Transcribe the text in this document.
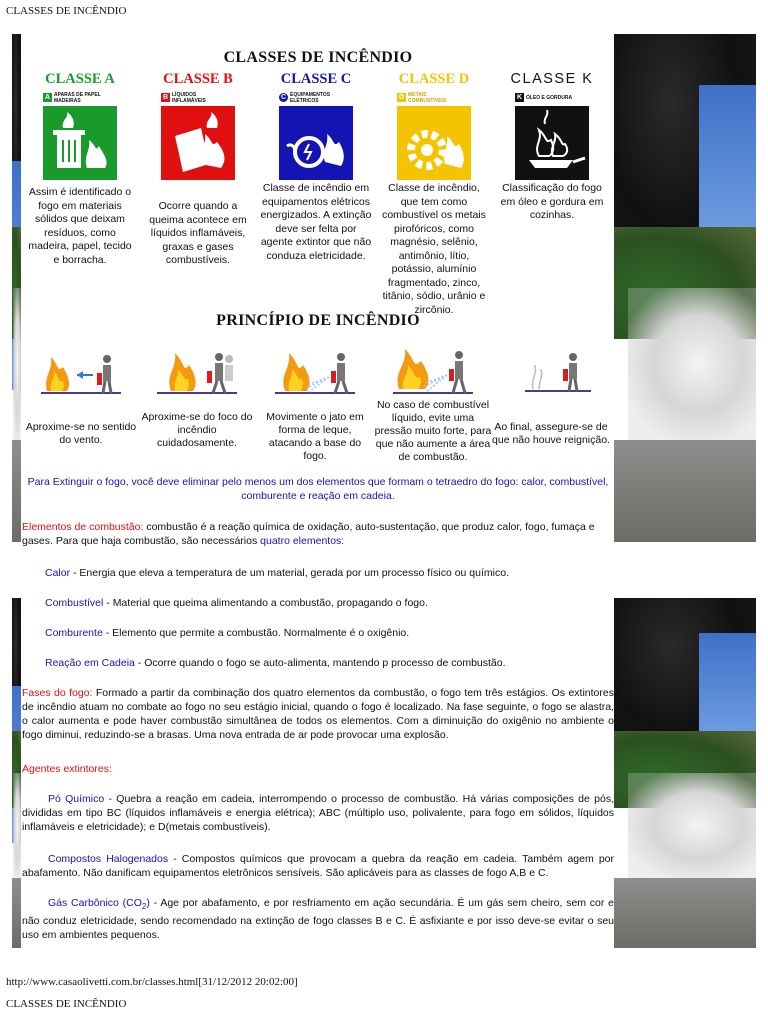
CLASSES DE INCÊNDIO
CLASSES DE INCÊNDIO
CLASSE A
A APARAS DE PAPEL MADEIRAS
Assim é identificado o fogo em materiais sólidos que deixam resíduos, como madeira, papel, tecido e borracha.
CLASSE B
B LÍQUIDOS INFLAMÁVEIS
Ocorre quando a queima acontece em líquidos inflamáveis, graxas e gases combustíveis.
CLASSE C
C EQUIPAMENTOS ELÉTRICOS
Classe de incêndio em equipamentos elétricos energizados. A extinção deve ser felta por agente extintor que não conduza eletricidade.
CLASSE D
D METAIS COMBUSTÍVEIS
Classe de incêndio, que tem como combustível os metais pirofóricos, como magnésio, selênio, antimônio, lítio, potássio, alumínio fragmentado, zinco, titânio, sódio, urânio e zircônio.
CLASSE K
K ÓLEO E GORDURA
Classificação do fogo em óleo e gordura em cozinhas.
PRINCÍPIO DE INCÊNDIO
Aproxime-se no sentido do vento.
Aproxime-se do foco do incêndio cuidadosamente.
Movimente o jato em forma de leque, atacando a base do fogo.
No caso de combustível líquido, evite uma pressão muito forte, para que não aumente a área de combustão.
Ao final, assegure-se de que não houve reignição.
Para Extinguir o fogo, você deve eliminar pelo menos um dos elementos que formam o tetraedro do fogo: calor, combustível, comburente e reação em cadeia.
Elementos de combustão: combustão é a reação química de oxidação, auto-sustentação, que produz calor, fogo, fumaça e gases. Para que haja combustão, são necessários quatro elementos:
Calor - Energia que eleva a temperatura de um material, gerada por um processo físico ou químico.
Combustível - Material que queima alimentando a combustão, propagando o fogo.
Comburente - Elemento que permite a combustão. Normalmente é o oxigênio.
Reação em Cadeia - Ocorre quando o fogo se auto-alimenta, mantendo p processo de combustão.
Fases do fogo: Formado a partir da combinação dos quatro elementos da combustão, o fogo tem três estágios. Os extintores de incêndio atuam no combate ao fogo no seu estágio inicial, quando o fogo é localizado. Na fase seguinte, o fogo se alastra, o calor aumenta e pode haver combustão simultânea de todos os elementos. Com a diminuição do oxigênio no ambiente o fogo diminui, reduzindo-se a brasas. Uma nova entrada de ar pode provocar uma explosão.
Agentes extintores:
Pó Químico - Quebra a reação em cadeia, interrompendo o processo de combustão. Há várias composições de pós, divididas em tipo BC (líquidos inflamáveis e energia elétrica); ABC (múltiplo uso, polivalente, para fogo em sólidos, líquidos inflamáveis e eletricidade); e D(metais combustíveis).
Compostos Halogenados - Compostos químicos que provocam a quebra da reação em cadeia. Também agem por abafamento. Não danificam equipamentos eletrônicos sensíveis. São aplicáveis para as classes de fogo A,B e C.
Gás Carbônico $(CO_2)$ - Age por abafamento, e por resfriamento em ação secundária. É um gás sem cheiro, sem cor e não conduz eletricidade, sendo recomendado na extinção de fogo classes B e C. É asfixiante e por isso deve-se evitar o seu uso em ambientes pequenos.
http://www.casaolivetti.com.br/classes.html[31/12/2012 20:02:00]
CLASSES DE INCÊNDIO
